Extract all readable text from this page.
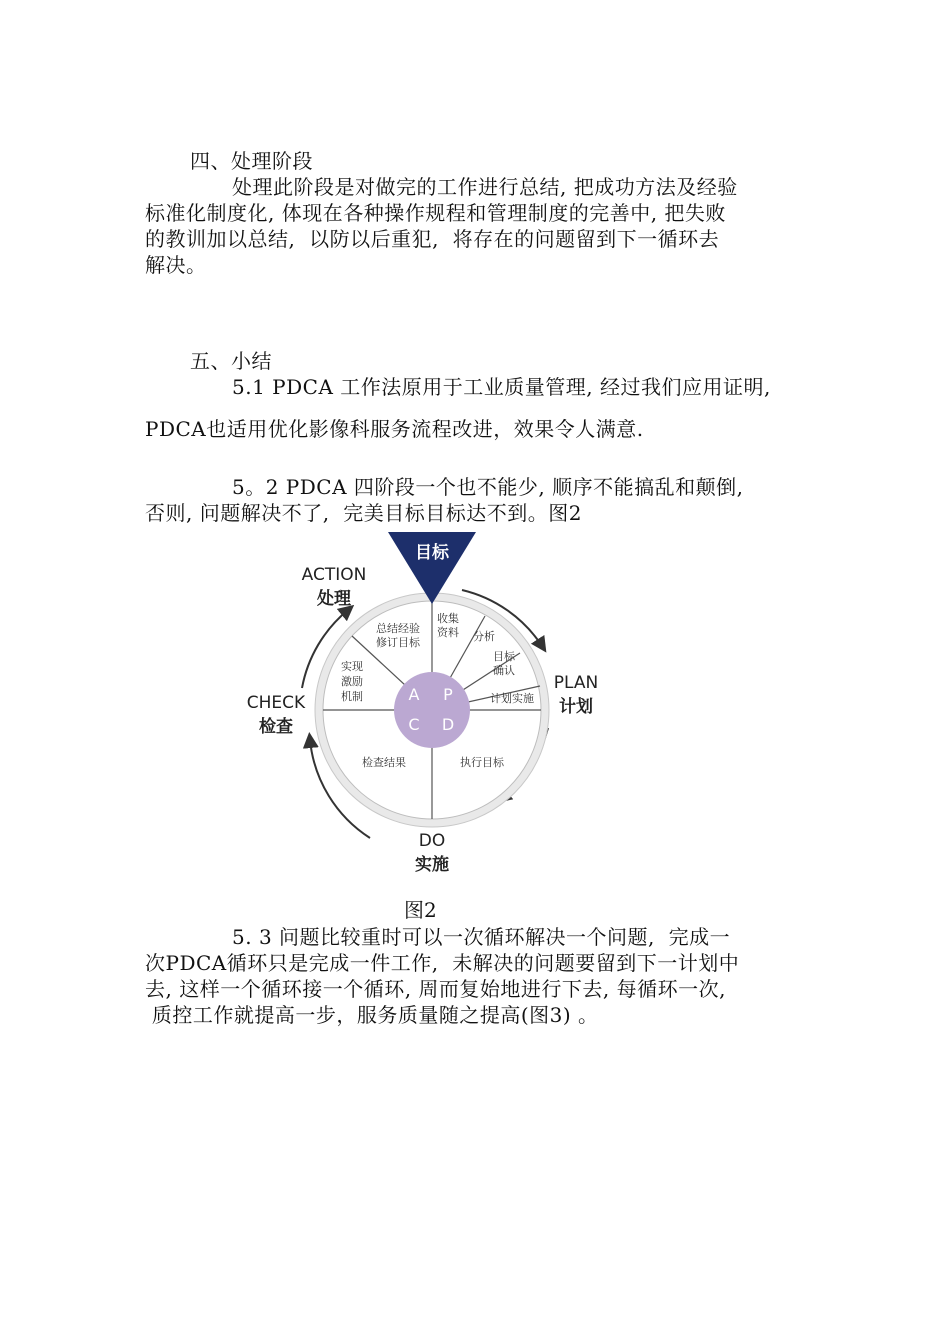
四、处理阶段
处理此阶段是对做完的工作进行总结, 把成功方法及经验
标准化制度化, 体现在各种操作规程和管理制度的完善中, 把失败
的教训加以总结,  以防以后重犯,  将存在的问题留到下一循环去
解决。
五、小结
5.1 PDCA 工作法原用于工业质量管理, 经过我们应用证明,
PDCA也适用优化影像科服务流程改进，效果令人满意.
5。2 PDCA 四阶段一个也不能少, 顺序不能搞乱和颠倒,
否则, 问题解决不了,  完美目标目标达不到。图2
A P
C D
目标
收集
资料 分析
目标
确认
计划实施
执行目标
检查结果
总结经验
修订目标
实现
激励
机制
ACTION
处理
PLAN
计划
CHECK
检查
DO
实施
图2
5. 3 问题比较重时可以一次循环解决一个问题,  完成一
次PDCA循环只是完成一件工作,  未解决的问题要留到下一计划中
去, 这样一个循环接一个循环, 周而复始地进行下去, 每循环一次,
质控工作就提高一步，服务质量随之提高(图3) 。
